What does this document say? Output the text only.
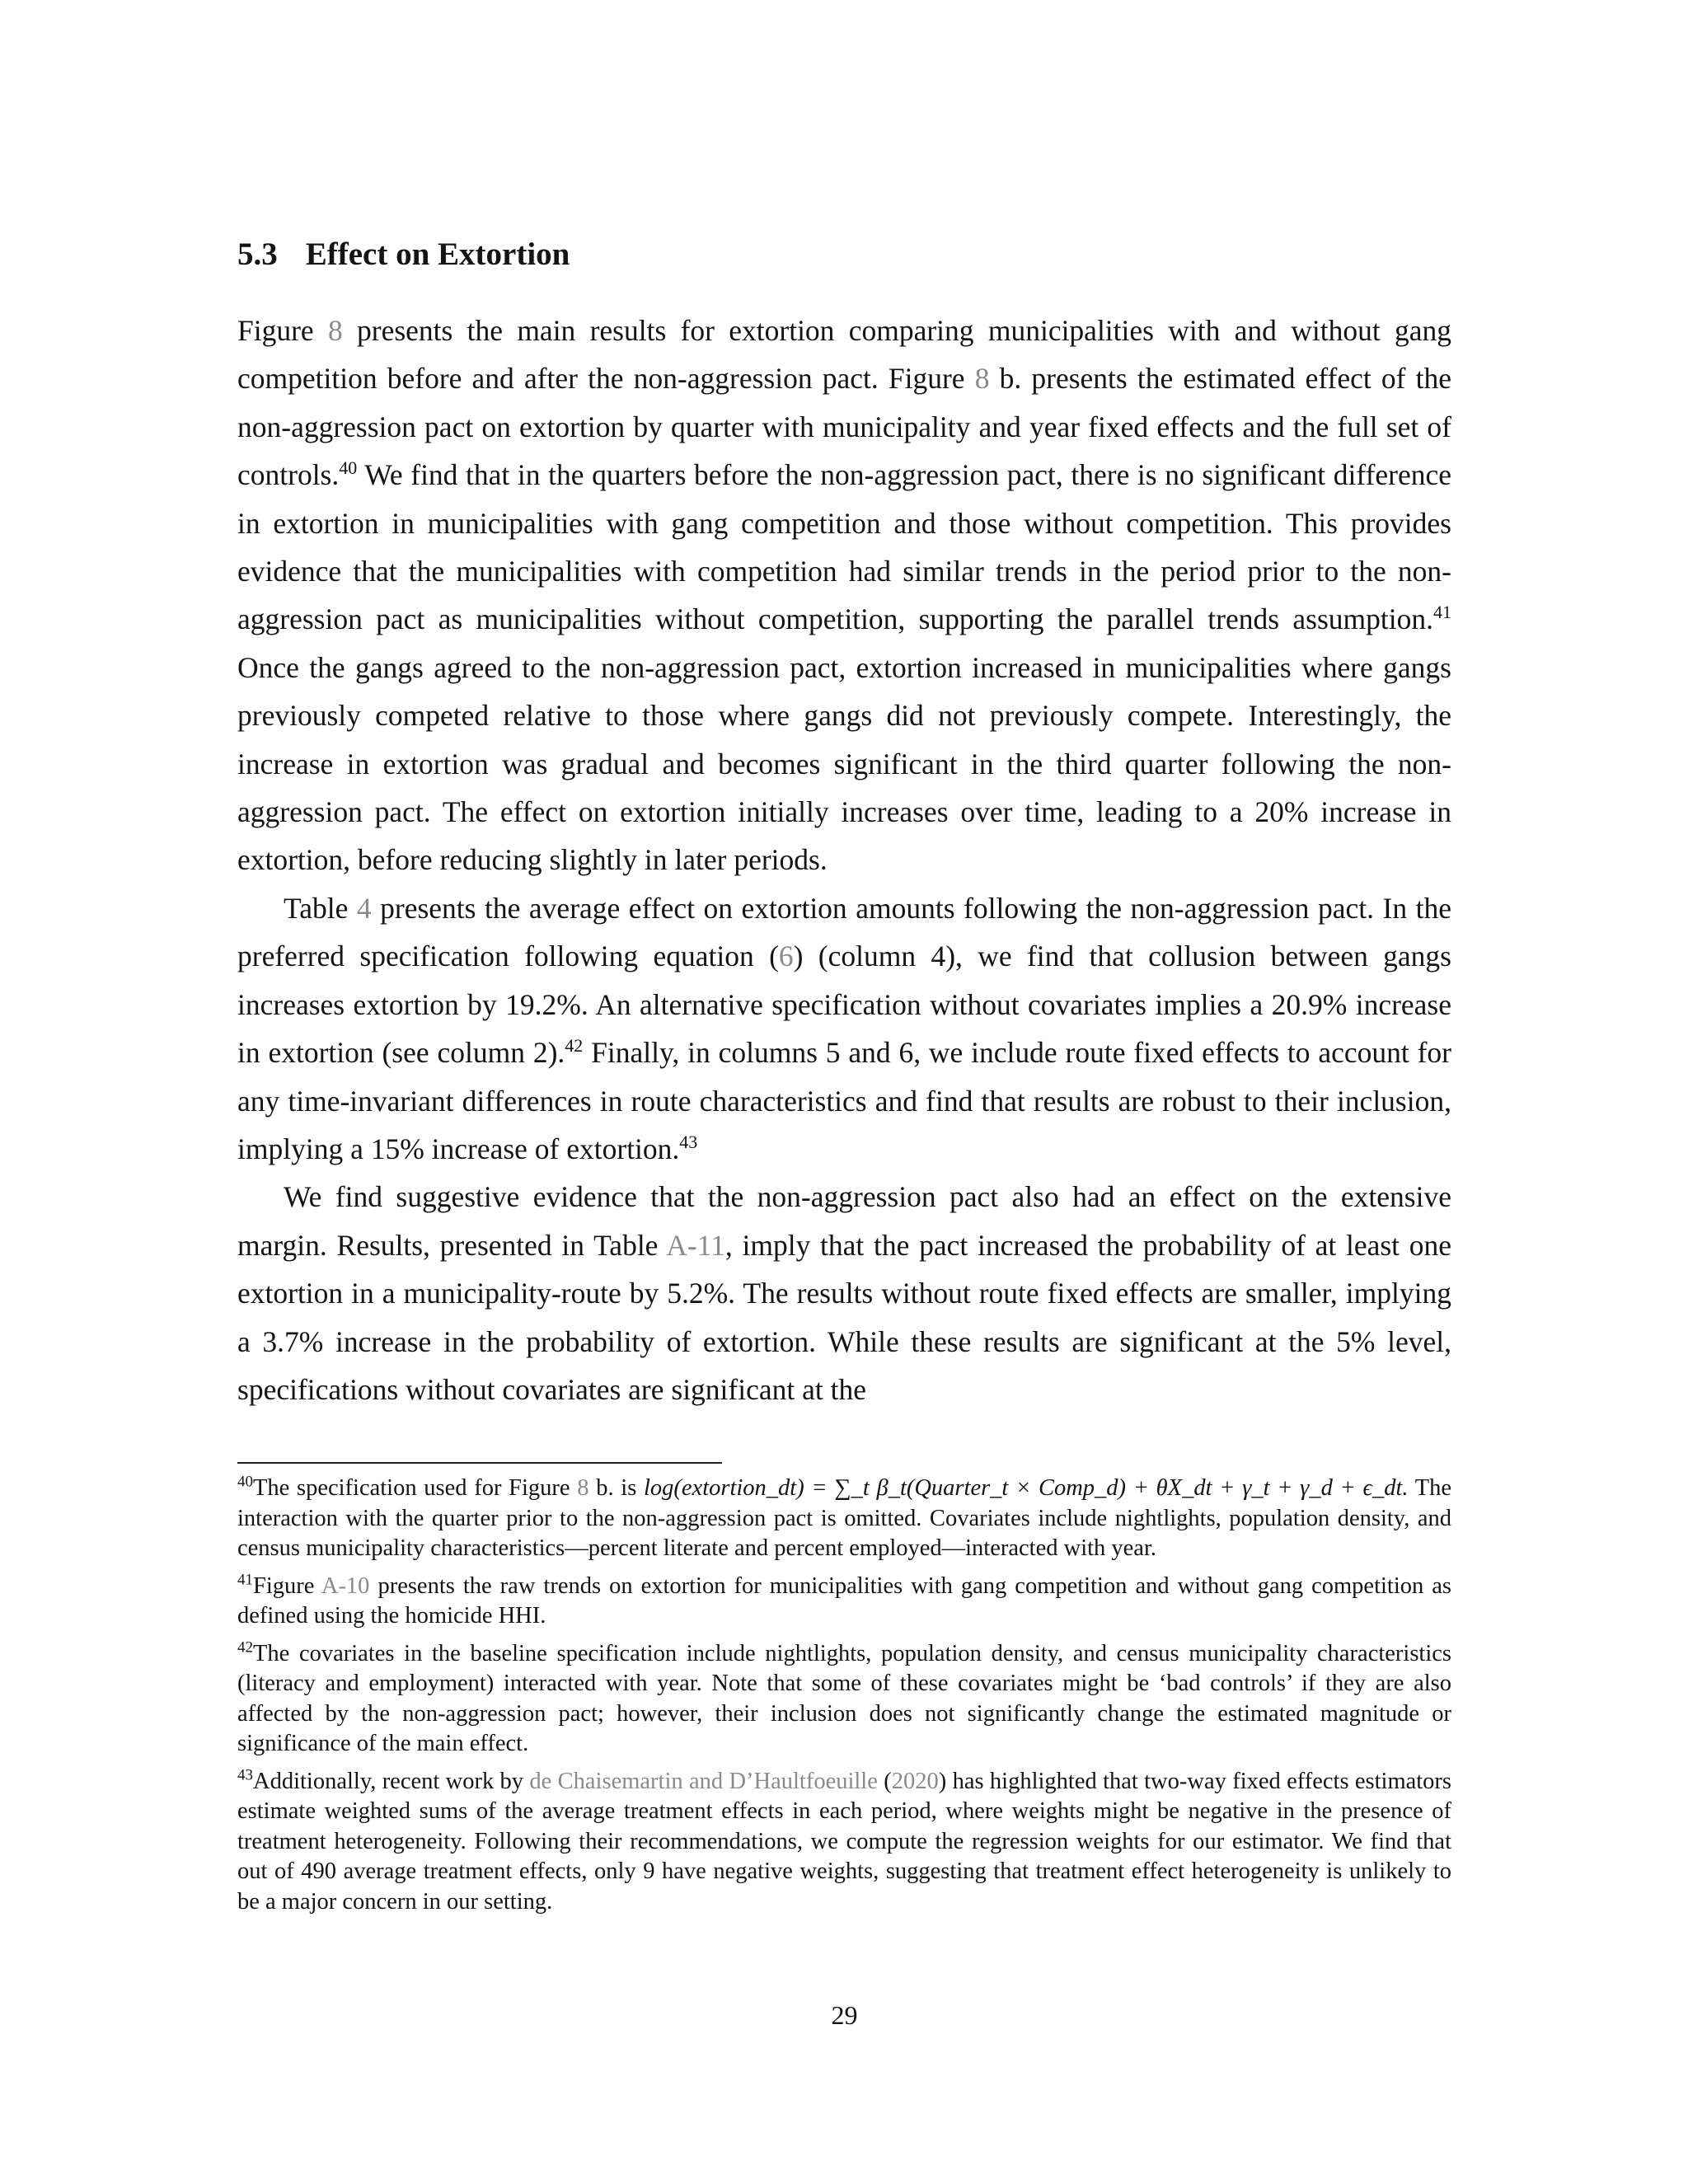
5.3 Effect on Extortion

Figure 8 presents the main results for extortion comparing municipalities with and without gang competition before and after the non-aggression pact. Figure 8 b. presents the estimated effect of the non-aggression pact on extortion by quarter with municipality and year fixed effects and the full set of controls.$^{40}$ We find that in the quarters before the non-aggression pact, there is no significant difference in extortion in municipalities with gang competition and those without competition. This provides evidence that the municipalities with competition had similar trends in the period prior to the non-aggression pact as municipalities without competition, supporting the parallel trends assumption.$^{41}$ Once the gangs agreed to the non-aggression pact, extortion increased in municipalities where gangs previously competed relative to those where gangs did not previously compete. Interestingly, the increase in extortion was gradual and becomes significant in the third quarter following the non-aggression pact. The effect on extortion initially increases over time, leading to a 20% increase in extortion, before reducing slightly in later periods.

Table 4 presents the average effect on extortion amounts following the non-aggression pact. In the preferred specification following equation (6) (column 4), we find that collusion between gangs increases extortion by 19.2%. An alternative specification without covariates implies a 20.9% increase in extortion (see column 2).$^{42}$ Finally, in columns 5 and 6, we include route fixed effects to account for any time-invariant differences in route characteristics and find that results are robust to their inclusion, implying a 15% increase of extortion.$^{43}$

We find suggestive evidence that the non-aggression pact also had an effect on the extensive margin. Results, presented in Table A-11, imply that the pact increased the probability of at least one extortion in a municipality-route by 5.2%. The results without route fixed effects are smaller, implying a 3.7% increase in the probability of extortion. While these results are significant at the 5% level, specifications without covariates are significant at the

$^{40}$The specification used for Figure 8 b. is log(extortion_dt) = ∑_t β_t(Quarter_t × Comp_d) + θX_dt + γ_t + γ_d + ϵ_dt. The interaction with the quarter prior to the non-aggression pact is omitted. Covariates include nightlights, population density, and census municipality characteristics—percent literate and percent employed—interacted with year.

$^{41}$Figure A-10 presents the raw trends on extortion for municipalities with gang competition and without gang competition as defined using the homicide HHI.

$^{42}$The covariates in the baseline specification include nightlights, population density, and census municipality characteristics (literacy and employment) interacted with year. Note that some of these covariates might be ‘bad controls’ if they are also affected by the non-aggression pact; however, their inclusion does not significantly change the estimated magnitude or significance of the main effect.

$^{43}$Additionally, recent work by de Chaisemartin and D’Haultfoeuille (2020) has highlighted that two-way fixed effects estimators estimate weighted sums of the average treatment effects in each period, where weights might be negative in the presence of treatment heterogeneity. Following their recommendations, we compute the regression weights for our estimator. We find that out of 490 average treatment effects, only 9 have negative weights, suggesting that treatment effect heterogeneity is unlikely to be a major concern in our setting.

29
